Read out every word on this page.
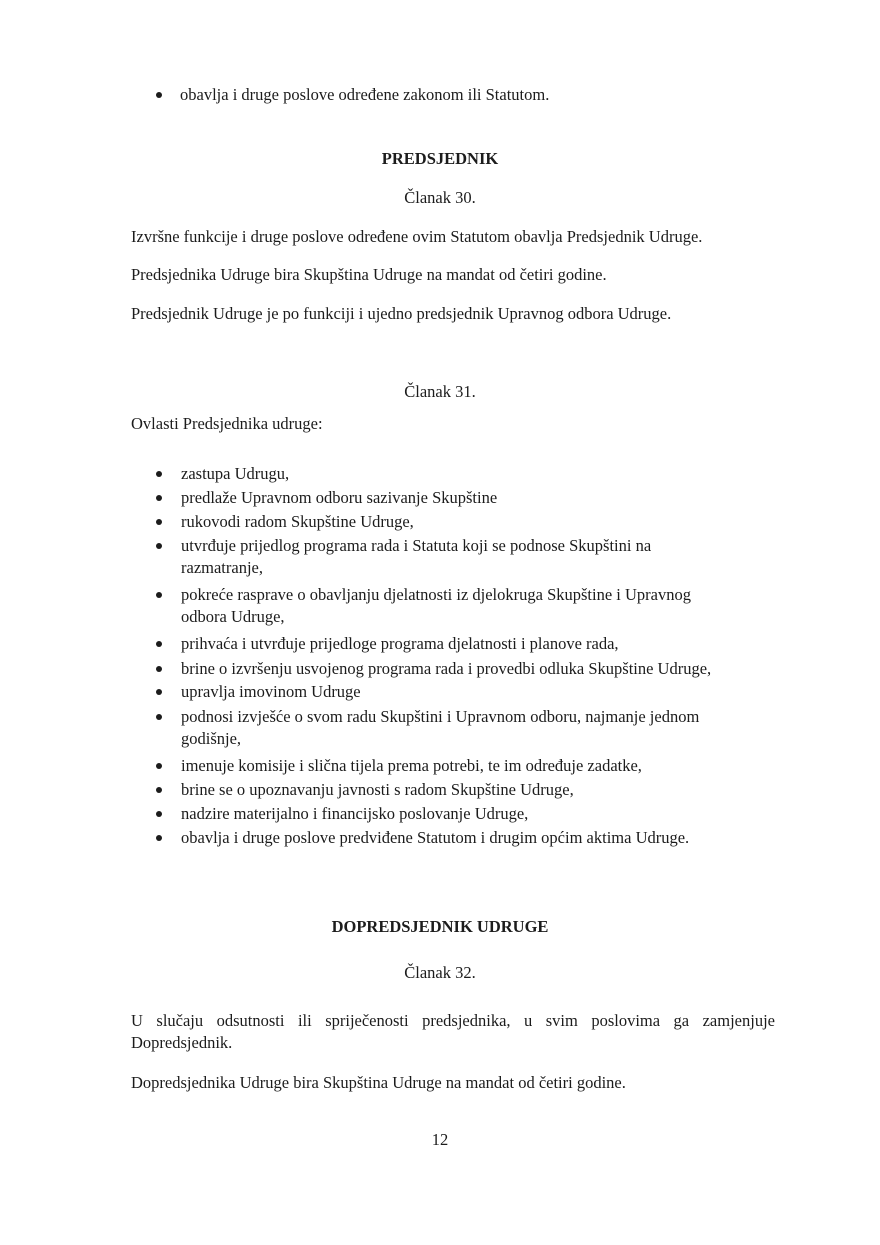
obavlja i druge poslove određene zakonom ili Statutom.
PREDSJEDNIK
Članak 30.
Izvršne funkcije i druge poslove određene ovim Statutom obavlja Predsjednik Udruge.
Predsjednika Udruge bira Skupština Udruge na mandat od četiri godine.
Predsjednik Udruge je po funkciji i ujedno predsjednik Upravnog odbora Udruge.
Članak 31.
Ovlasti Predsjednika udruge:
zastupa Udrugu,
predlaže Upravnom odboru sazivanje Skupštine
rukovodi radom Skupštine Udruge,
utvrđuje prijedlog programa rada i Statuta koji se podnose Skupštini na
razmatranje,
pokreće rasprave o obavljanju djelatnosti iz djelokruga Skupštine i Upravnog
odbora Udruge,
prihvaća i utvrđuje prijedloge programa djelatnosti i planove rada,
brine o izvršenju usvojenog programa rada i provedbi odluka Skupštine Udruge,
upravlja imovinom Udruge
podnosi izvješće o svom radu Skupštini i Upravnom odboru, najmanje jednom
godišnje,
imenuje komisije i slična tijela prema potrebi, te im određuje zadatke,
brine se o upoznavanju javnosti s radom Skupštine Udruge,
nadzire materijalno i financijsko poslovanje Udruge,
obavlja i druge poslove predviđene Statutom i drugim općim aktima Udruge.
DOPREDSJEDNIK UDRUGE
Članak 32.
U slučaju odsutnosti ili spriječenosti predsjednika, u svim poslovima ga zamjenjuje
Dopredsjednik.
Dopredsjednika Udruge bira Skupština Udruge na mandat od četiri godine.
12
